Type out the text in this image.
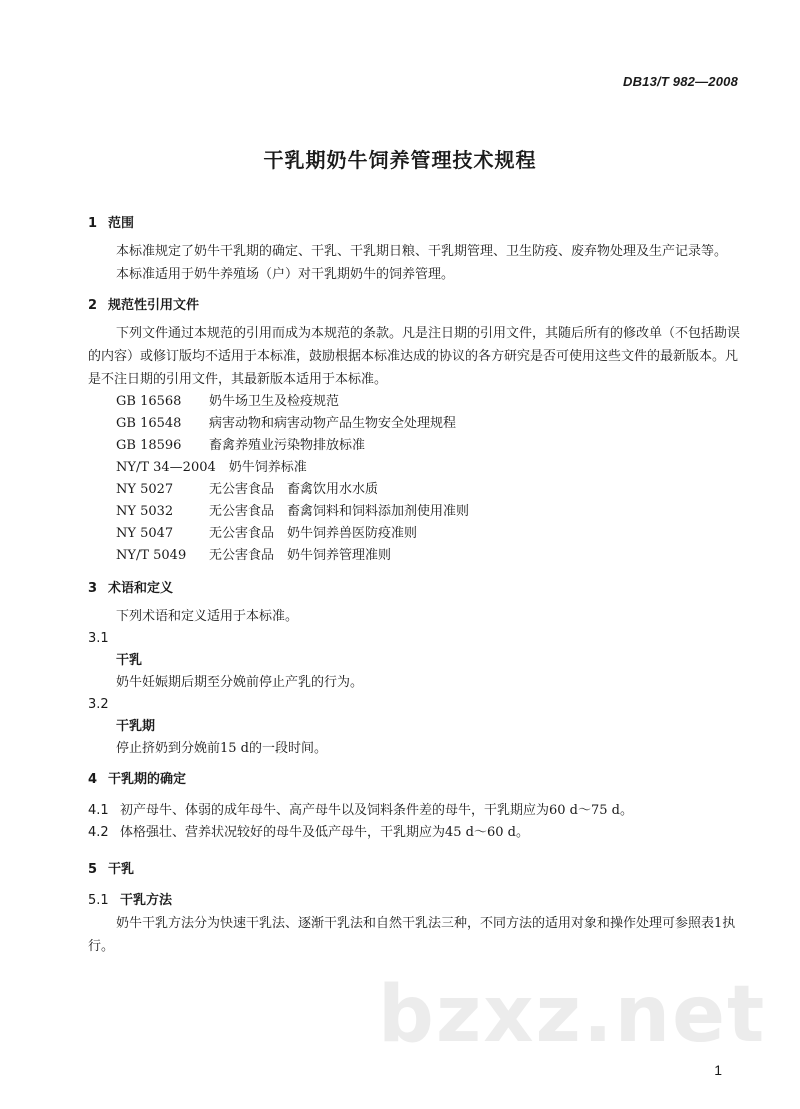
DB13/T 982—2008
干乳期奶牛饲养管理技术规程
1 范围

本标准规定了奶牛干乳期的确定、干乳、干乳期日粮、干乳期管理、卫生防疫、废弃物处理及生产记录等。

本标准适用于奶牛养殖场（户）对干乳期奶牛的饲养管理。

2 规范性引用文件

下列文件通过本规范的引用而成为本规范的条款。凡是注日期的引用文件，其随后所有的修改单（不包括勘误的内容）或修订版均不适用于本标准，鼓励根据本标准达成的协议的各方研究是否可使用这些文件的最新版本。凡是不注日期的引用文件，其最新版本适用于本标准。

GB 16568　 奶牛场卫生及检疫规范
GB 16548　 病害动物和病害动物产品生物安全处理规程
GB 18596　 畜禽养殖业污染物排放标准
NY/T 34—2004　 奶牛饲养标准
NY 5027　	无公害食品　畜禽饮用水水质
NY 5032　	无公害食品　畜禽饲料和饲料添加剂使用准则
NY 5047　	无公害食品　奶牛饲养兽医防疫准则
NY/T 5049　 无公害食品　奶牛饲养管理准则
3 术语和定义

下列术语和定义适用于本标准。

3.1
干乳
奶牛妊娠期后期至分娩前停止产乳的行为。
3.2
干乳期
停止挤奶到分娩前15 d的一段时间。
4 干乳期的确定
4.1 初产母牛、体弱的成年母牛、高产母牛以及饲料条件差的母牛，干乳期应为60 d～75 d。
4.2 体格强壮、营养状况较好的母牛及低产母牛，干乳期应为45 d～60 d。
5 干乳
5.1 干乳方法

奶牛干乳方法分为快速干乳法、逐渐干乳法和自然干乳法三种，不同方法的适用对象和操作处理可参照表1执行。

bzxz.net
1
